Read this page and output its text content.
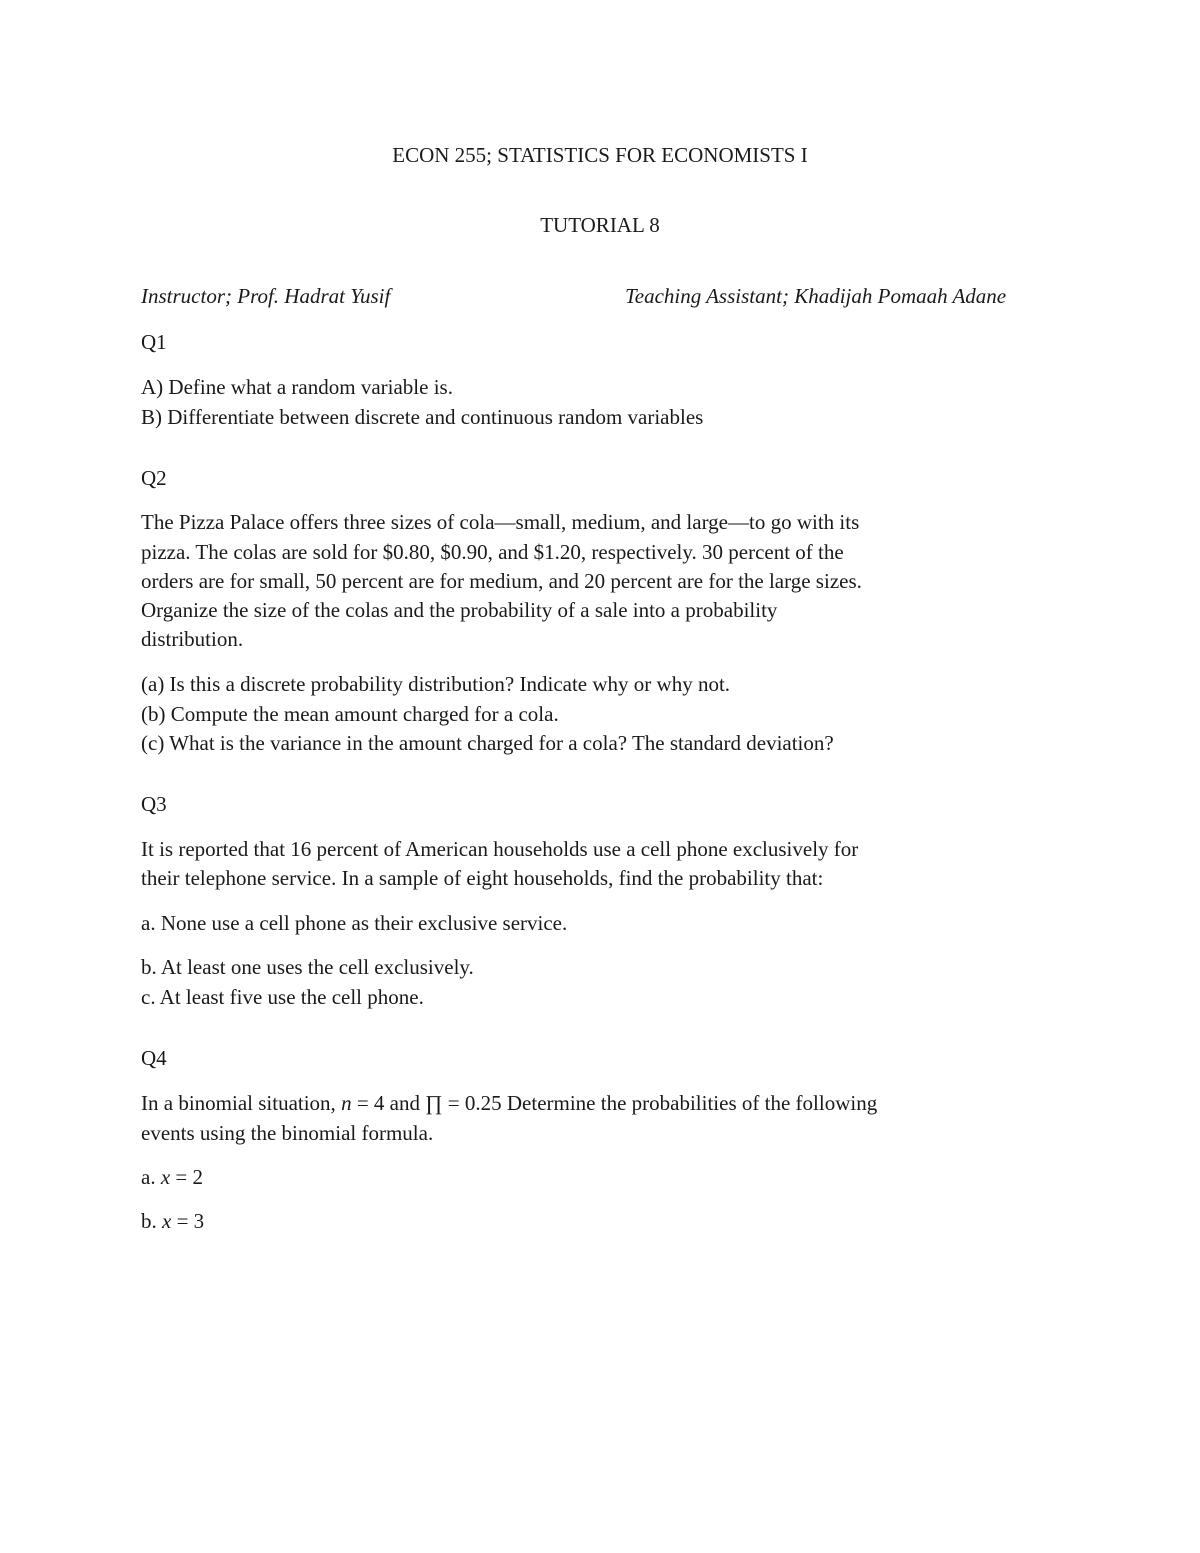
ECON 255; STATISTICS FOR ECONOMISTS I
TUTORIAL 8
Instructor; Prof. Hadrat Yusif	Teaching Assistant; Khadijah Pomaah Adane
Q1
A) Define what a random variable is.
B) Differentiate between discrete and continuous random variables
Q2
The Pizza Palace offers three sizes of cola—small, medium, and large—to go with its
pizza. The colas are sold for $0.80, $0.90, and $1.20, respectively. 30 percent of the
orders are for small, 50 percent are for medium, and 20 percent are for the large sizes.
Organize the size of the colas and the probability of a sale into a probability
distribution.
(a) Is this a discrete probability distribution? Indicate why or why not.
(b) Compute the mean amount charged for a cola.
(c) What is the variance in the amount charged for a cola? The standard deviation?
Q3
It is reported that 16 percent of American households use a cell phone exclusively for
their telephone service. In a sample of eight households, find the probability that:
a. None use a cell phone as their exclusive service.
b. At least one uses the cell exclusively.
c. At least five use the cell phone.
Q4
In a binomial situation, n = 4 and ∏ = 0.25 Determine the probabilities of the following
events using the binomial formula.
a. x = 2
b. x = 3
